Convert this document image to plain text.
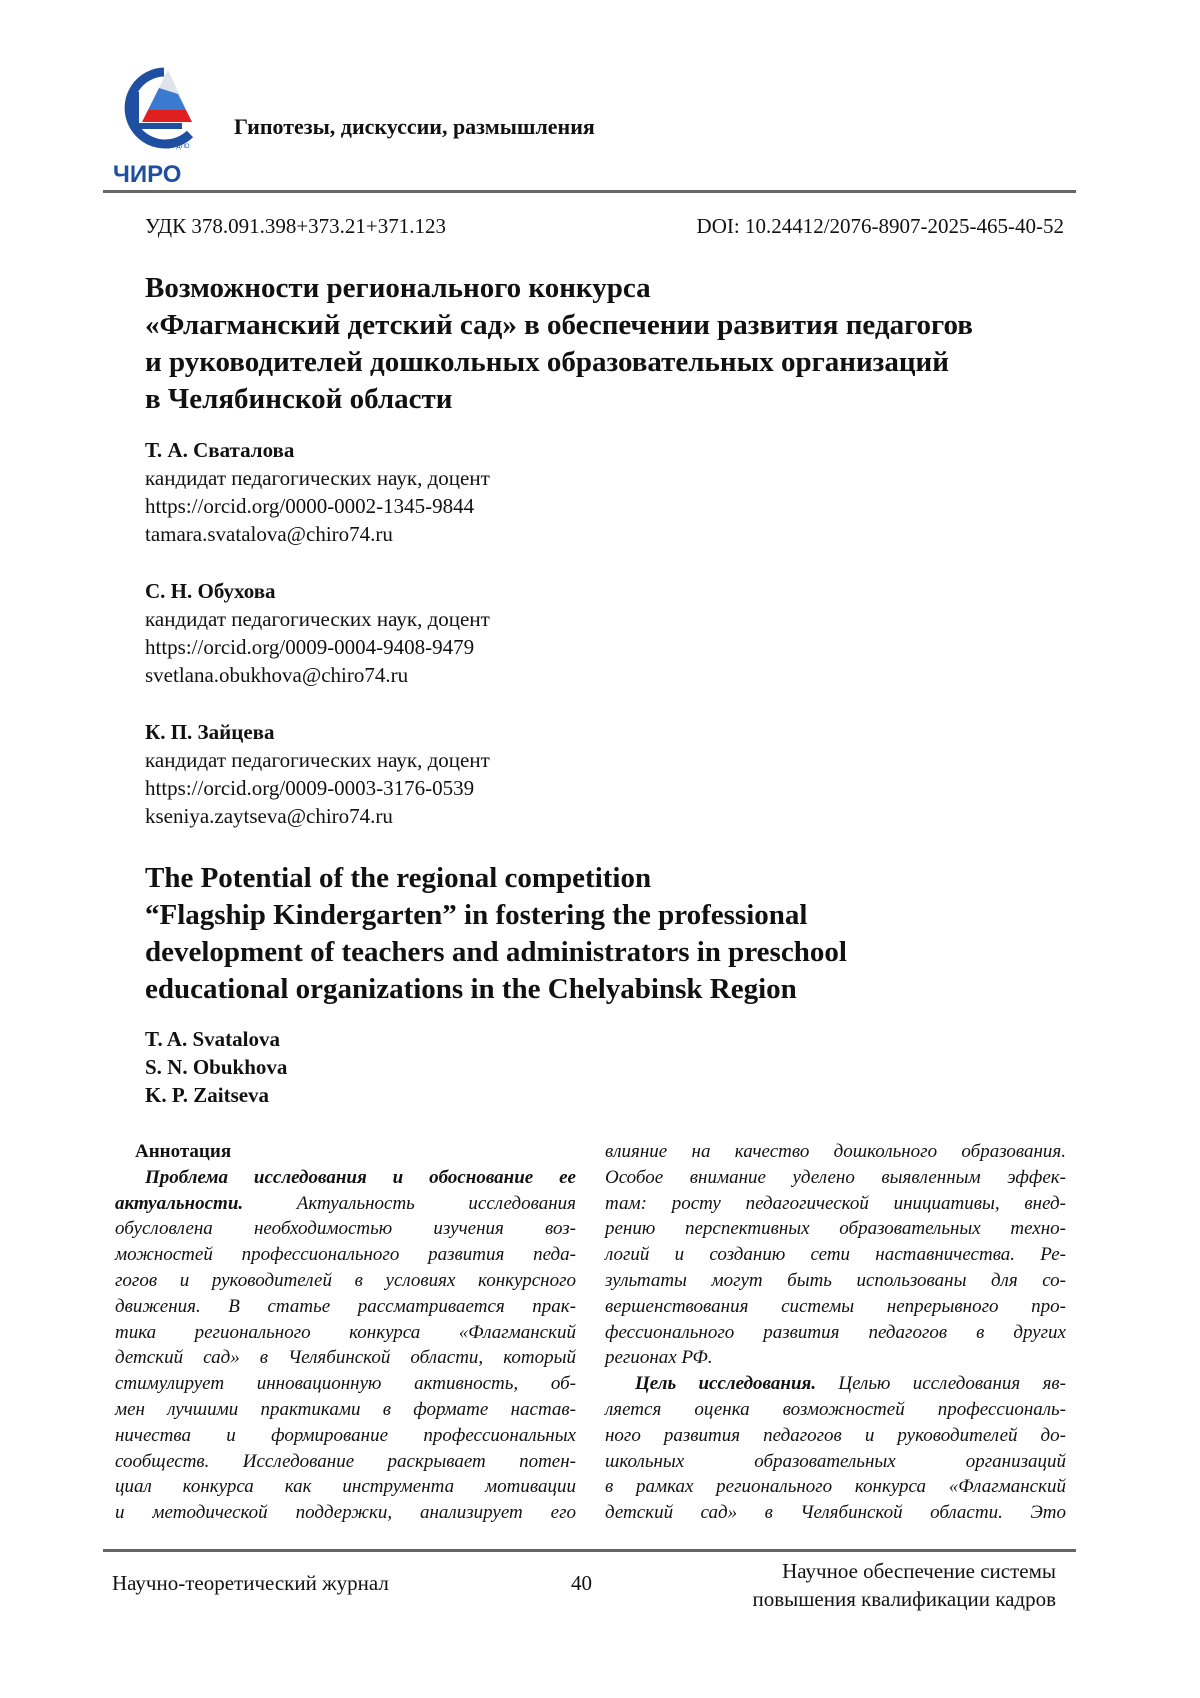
ГБУ ДПО
ЧИРО
Гипотезы, дискуссии, размышления
УДК 378.091.398+373.21+371.123	DOI: 10.24412/2076-8907-2025-465-40-52
Возможности регионального конкурса
«Флагманский детский сад» в обеспечении развития педагогов
и руководителей дошкольных образовательных организаций
в Челябинской области
Т. А. Сваталова
кандидат педагогических наук, доцент
https://orcid.org/0000-0002-1345-9844
tamara.svatalova@chiro74.ru
С. Н. Обухова
кандидат педагогических наук, доцент
https://orcid.org/0009-0004-9408-9479
svetlana.obukhova@chiro74.ru
К. П. Зайцева
кандидат педагогических наук, доцент
https://orcid.org/0009-0003-3176-0539
kseniya.zaytseva@chiro74.ru
The Potential of the regional competition
“Flagship Kindergarten” in fostering the professional
development of teachers and administrators in preschool
educational organizations in the Chelyabinsk Region
T. A. Svatalova
S. N. Obukhova
K. P. Zaitseva
Аннотация
Проблема исследования и обоснование ее
актуальности. Актуальность исследования
обусловлена необходимостью изучения воз-
можностей профессионального развития педа-
гогов и руководителей в условиях конкурсного
движения. В статье рассматривается прак-
тика регионального конкурса «Флагманский
детский сад» в Челябинской области, который
стимулирует инновационную активность, об-
мен лучшими практиками в формате настав-
ничества и формирование профессиональных
сообществ. Исследование раскрывает потен-
циал конкурса как инструмента мотивации
и методической поддержки, анализирует его
влияние на качество дошкольного образования.
Особое внимание уделено выявленным эффек-
там: росту педагогической инициативы, внед-
рению перспективных образовательных техно-
логий и созданию сети наставничества. Ре-
зультаты могут быть использованы для со-
вершенствования системы непрерывного про-
фессионального развития педагогов в других
регионах РФ.
Цель исследования. Целью исследования яв-
ляется оценка возможностей профессиональ-
ного развития педагогов и руководителей до-
школьных образовательных организаций
в рамках регионального конкурса «Флагманский
детский сад» в Челябинской области. Это
Научно-теоретический журнал	40	Научное обеспечение системы
повышения квалификации кадров
